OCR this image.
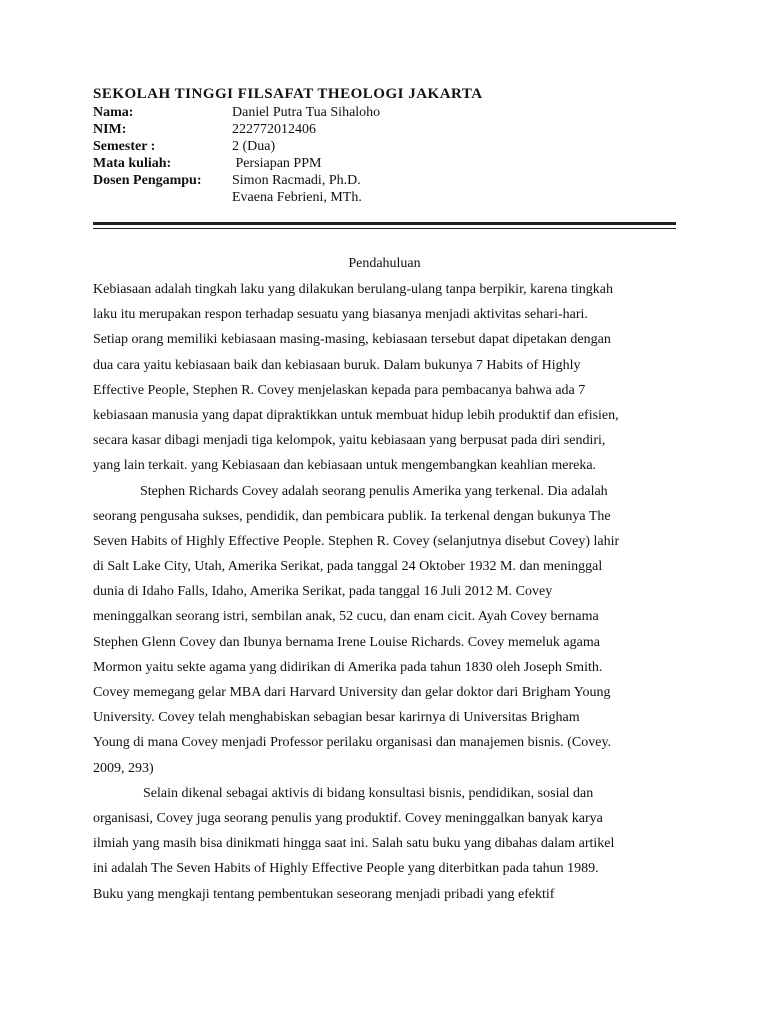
SEKOLAH TINGGI FILSAFAT THEOLOGI JAKARTA
Nama:	Daniel Putra Tua Sihaloho
NIM:	222772012406
Semester :	2 (Dua)
Mata kuliah:	Persiapan PPM
Dosen Pengampu: Simon Racmadi, Ph.D.
Evaena Febrieni, MTh.
Pendahuluan
Kebiasaan adalah tingkah laku yang dilakukan berulang-ulang tanpa berpikir, karena tingkah
laku itu merupakan respon terhadap sesuatu yang biasanya menjadi aktivitas sehari-hari.
Setiap orang memiliki kebiasaan masing-masing, kebiasaan tersebut dapat dipetakan dengan
dua cara yaitu kebiasaan baik dan kebiasaan buruk. Dalam bukunya 7 Habits of Highly
Effective People, Stephen R. Covey menjelaskan kepada para pembacanya bahwa ada 7
kebiasaan manusia yang dapat dipraktikkan untuk membuat hidup lebih produktif dan efisien,
secara kasar dibagi menjadi tiga kelompok, yaitu kebiasaan yang berpusat pada diri sendiri,
yang lain terkait. yang Kebiasaan dan kebiasaan untuk mengembangkan keahlian mereka.
Stephen Richards Covey adalah seorang penulis Amerika yang terkenal. Dia adalah
seorang pengusaha sukses, pendidik, dan pembicara publik. Ia terkenal dengan bukunya The
Seven Habits of Highly Effective People. Stephen R. Covey (selanjutnya disebut Covey) lahir
di Salt Lake City, Utah, Amerika Serikat, pada tanggal 24 Oktober 1932 M. dan meninggal
dunia di Idaho Falls, Idaho, Amerika Serikat, pada tanggal 16 Juli 2012 M. Covey
meninggalkan seorang istri, sembilan anak, 52 cucu, dan enam cicit. Ayah Covey bernama
Stephen Glenn Covey dan Ibunya bernama Irene Louise Richards. Covey memeluk agama
Mormon yaitu sekte agama yang didirikan di Amerika pada tahun 1830 oleh Joseph Smith.
Covey memegang gelar MBA dari Harvard University dan gelar doktor dari Brigham Young
University. Covey telah menghabiskan sebagian besar karirnya di Universitas Brigham
Young di mana Covey menjadi Professor perilaku organisasi dan manajemen bisnis. (Covey.
2009, 293)
Selain dikenal sebagai aktivis di bidang konsultasi bisnis, pendidikan, sosial dan
organisasi, Covey juga seorang penulis yang produktif. Covey meninggalkan banyak karya
ilmiah yang masih bisa dinikmati hingga saat ini. Salah satu buku yang dibahas dalam artikel
ini adalah The Seven Habits of Highly Effective People yang diterbitkan pada tahun 1989.
Buku yang mengkaji tentang pembentukan seseorang menjadi pribadi yang efektif
